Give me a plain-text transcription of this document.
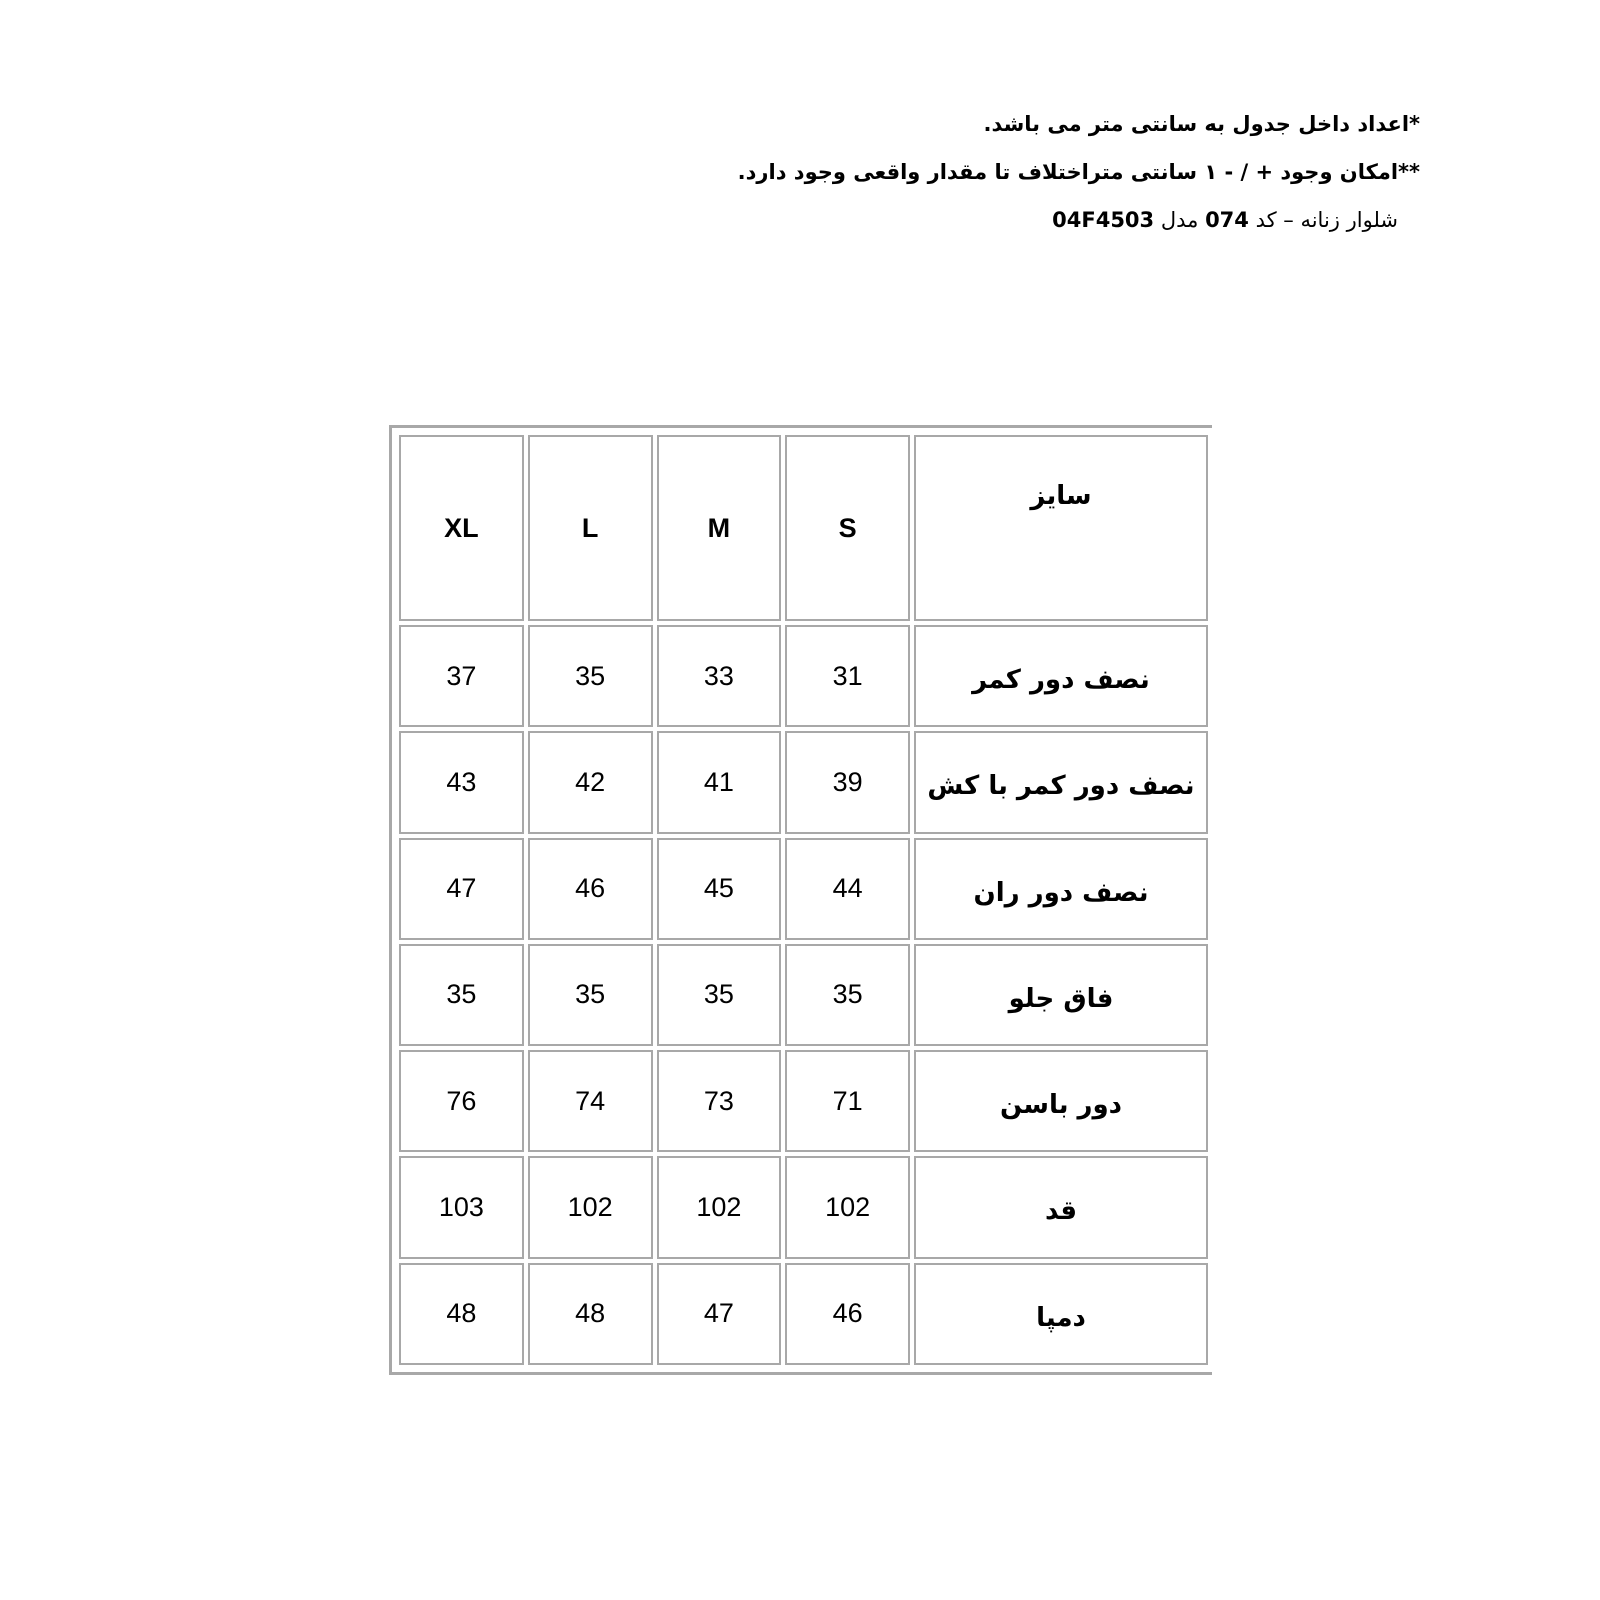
*اعداد داخل جدول به سانتی متر می باشد.
**امکان وجود + / - ۱ سانتی متراختلاف تا مقدار واقعی وجود دارد.
شلوار زنانه – کد 074 مدل 04F4503
سایز	S	M	L	XL
نصف دور کمر	31	33	35	37
نصف دور کمر با کش	39	41	42	43
نصف دور ران	44	45	46	47
فاق جلو	35	35	35	35
دور باسن	71	73	74	76
قد	102	102	102	103
دمپا	46	47	48	48
